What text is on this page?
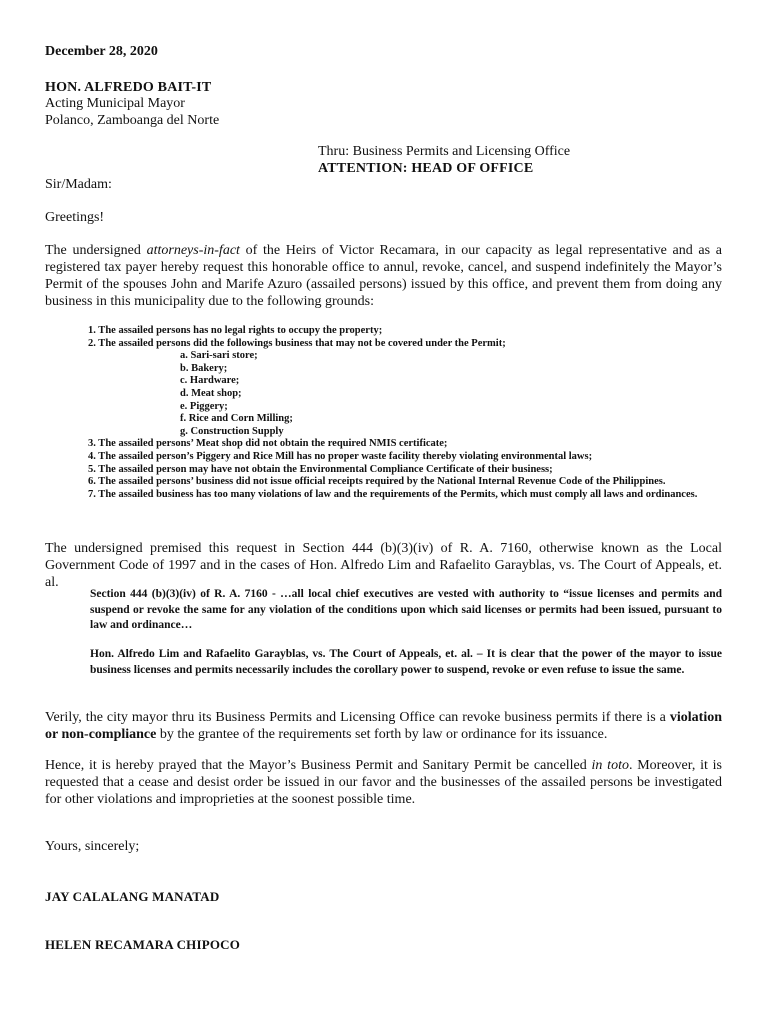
December 28, 2020
HON. ALFREDO BAIT-IT
Acting Municipal Mayor
Polanco, Zamboanga del Norte
Thru: Business Permits and Licensing Office
ATTENTION: HEAD OF OFFICE
Sir/Madam:
Greetings!
The undersigned attorneys-in-fact of the Heirs of Victor Recamara, in our capacity as legal representative and as a registered tax payer hereby request this honorable office to annul, revoke, cancel, and suspend indefinitely the Mayor’s Permit of the spouses John and Marife Azuro (assailed persons) issued by this office, and prevent them from doing any business in this municipality due to the following grounds:
1. The assailed persons has no legal rights to occupy the property;
2. The assailed persons did the followings business that may not be covered under the Permit;
a. Sari-sari store;
b. Bakery;
c. Hardware;
d. Meat shop;
e. Piggery;
f. Rice and Corn Milling;
g. Construction Supply
3. The assailed persons’ Meat shop did not obtain the required NMIS certificate;
4. The assailed person’s Piggery and Rice Mill has no proper waste facility thereby violating environmental laws;
5. The assailed person may have not obtain the Environmental Compliance Certificate of their business;
6. The assailed persons’ business did not issue official receipts required by the National Internal Revenue Code of the Philippines.
7. The assailed business has too many violations of law and the requirements of the Permits, which must comply all laws and ordinances.
The undersigned premised this request in Section 444 (b)(3)(iv) of R. A. 7160, otherwise known as the Local Government Code of 1997 and in the cases of Hon. Alfredo Lim and Rafaelito Garayblas, vs. The Court of Appeals, et. al.
Section 444 (b)(3)(iv) of R. A. 7160 - …all local chief executives are vested with authority to “issue licenses and permits and suspend or revoke the same for any violation of the conditions upon which said licenses or permits had been issued, pursuant to law and ordinance…
Hon. Alfredo Lim and Rafaelito Garayblas, vs. The Court of Appeals, et. al. – It is clear that the power of the mayor to issue business licenses and permits necessarily includes the corollary power to suspend, revoke or even refuse to issue the same.
Verily, the city mayor thru its Business Permits and Licensing Office can revoke business permits if there is a violation or non-compliance by the grantee of the requirements set forth by law or ordinance for its issuance.
Hence, it is hereby prayed that the Mayor’s Business Permit and Sanitary Permit be cancelled in toto. Moreover, it is requested that a cease and desist order be issued in our favor and the businesses of the assailed persons be investigated for other violations and improprieties at the soonest possible time.
Yours, sincerely;
JAY CALALANG MANATAD
HELEN RECAMARA CHIPOCO
